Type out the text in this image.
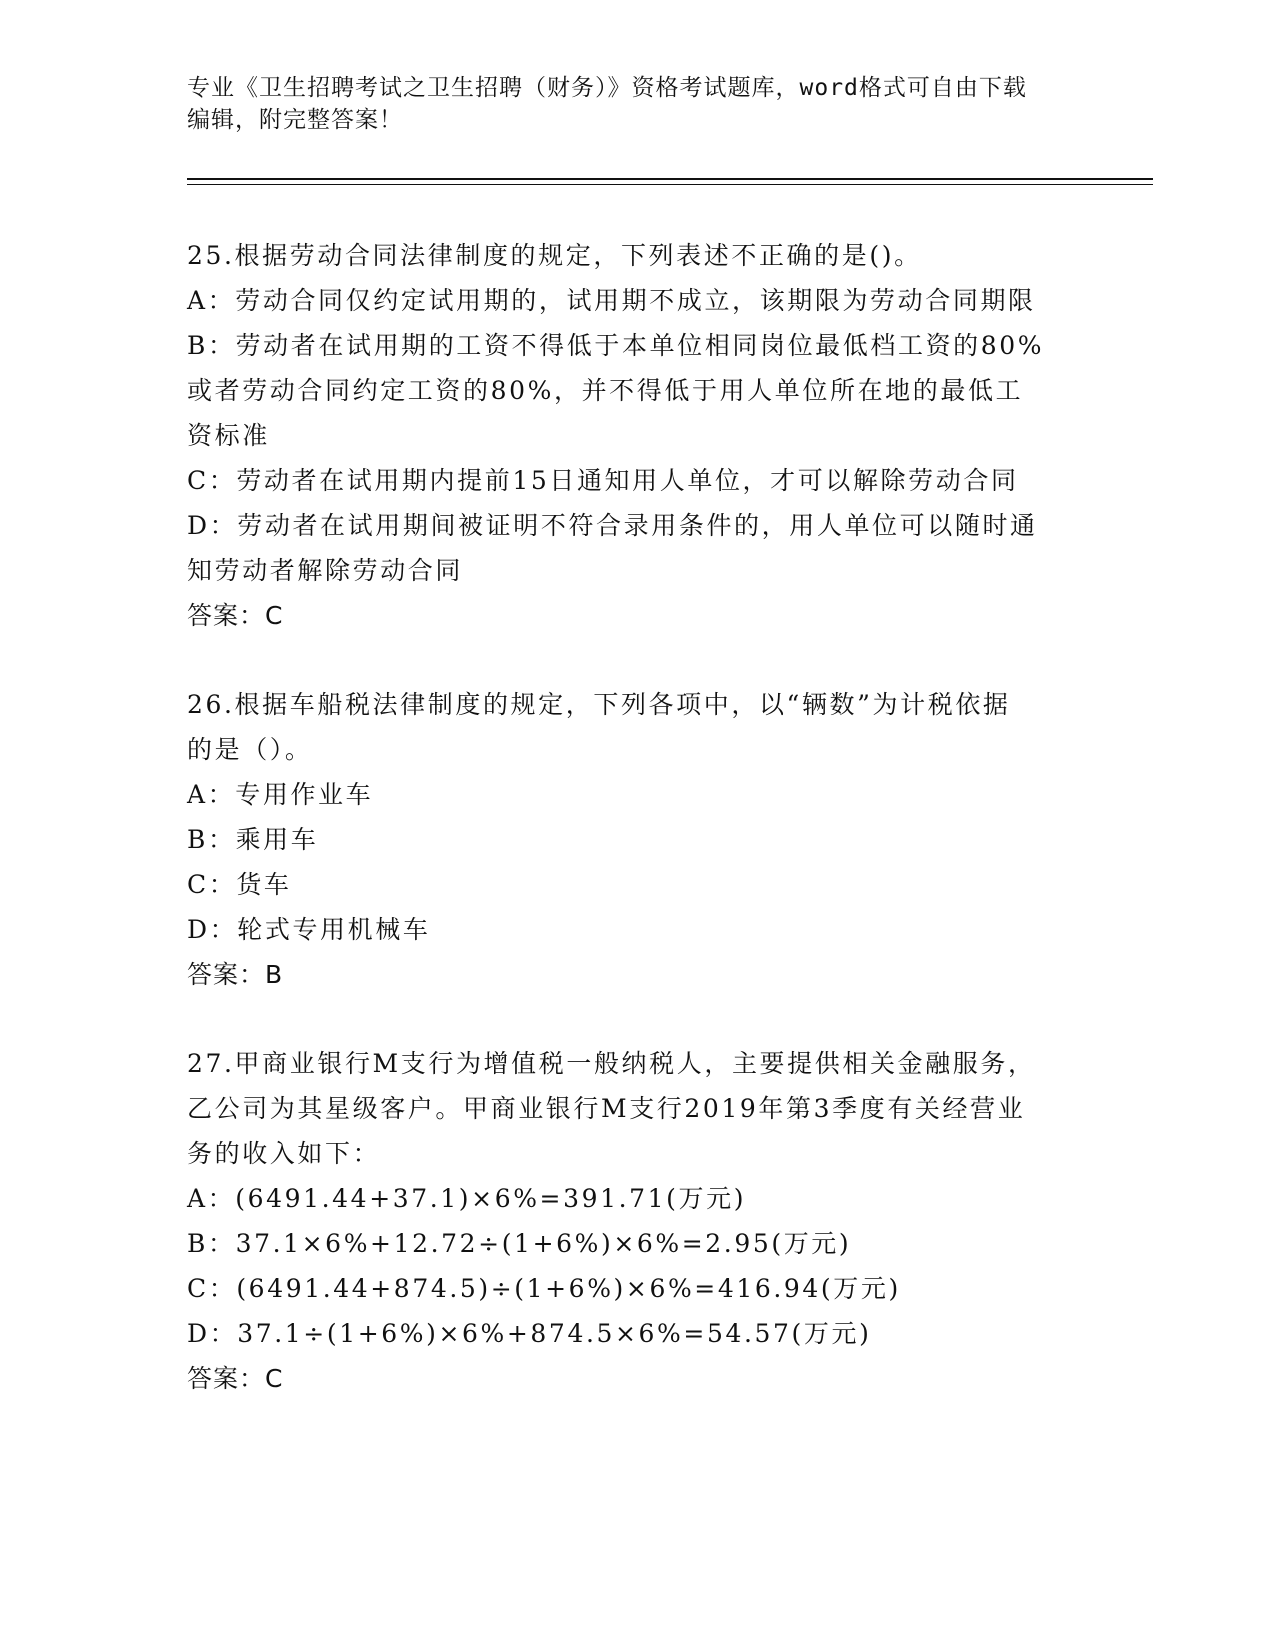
专业《卫生招聘考试之卫生招聘（财务）》资格考试题库，word格式可自由下载
编辑，附完整答案！
25.根据劳动合同法律制度的规定，下列表述不正确的是()。
A：劳动合同仅约定试用期的，试用期不成立，该期限为劳动合同期限
B：劳动者在试用期的工资不得低于本单位相同岗位最低档工资的80%
或者劳动合同约定工资的80%，并不得低于用人单位所在地的最低工
资标准
C：劳动者在试用期内提前15日通知用人单位，才可以解除劳动合同
D：劳动者在试用期间被证明不符合录用条件的，用人单位可以随时通
知劳动者解除劳动合同
答案：C
26.根据车船税法律制度的规定，下列各项中，以“辆数”为计税依据
的是（）。
A：专用作业车
B：乘用车
C：货车
D：轮式专用机械车
答案：B
27.甲商业银行M支行为增值税一般纳税人，主要提供相关金融服务，
乙公司为其星级客户。甲商业银行M支行2019年第3季度有关经营业
务的收入如下：
A：(6491.44+37.1)×6%=391.71(万元)
B：37.1×6%+12.72÷(1+6%)×6%=2.95(万元)
C：(6491.44+874.5)÷(1+6%)×6%=416.94(万元)
D：37.1÷(1+6%)×6%+874.5×6%=54.57(万元)
答案：C
